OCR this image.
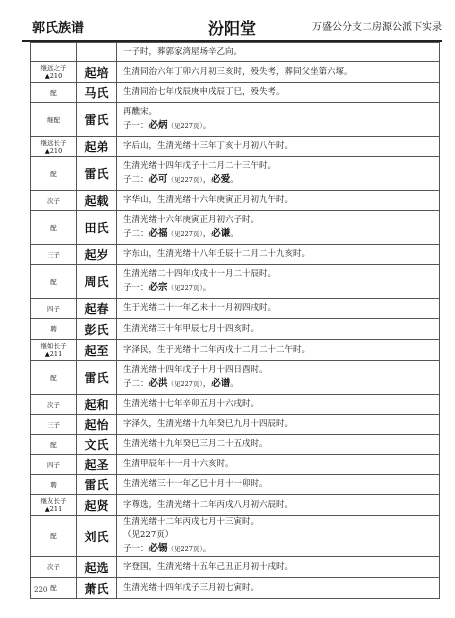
郭氏族谱	汾阳堂	万盛公分支二房源公派下实录

		一子时，葬郭家湾屋场辛乙向。

继远之子
▲210	起培	生清同治六年丁卯六月初三亥时，殁失考，葬同父坐第六塚。

配	马氏	生清同治七年戊辰庚申戌辰丁巳，殁失考。

继配	雷氏	再醮宋。
子一：必炳（见227页）。

继远长子
▲210	起弟	字后山，生清光绪十三年丁亥十月初八午时。

配	雷氏	生清光绪十四年戊子十二月二十三午时。
子二：必可（见227页），必爱。

次子	起载	字华山，生清光绪十六年庚寅正月初九午时。

配	田氏	生清光绪十六年庚寅正月初六子时。
子二：必福（见227页），必谦。

三子	起岁	字东山，生清光绪十八年壬辰十二月二十九亥时。

配	周氏	生清光绪二十四年戊戌十一月二十辰时。
子一：必宗（见227页）。

四子	起春	生于光绪二十一年乙未十一月初四戌时。

聘	彭氏	生清光绪三十年甲辰七月十四亥时。

继如长子
▲211	起至	字泽民，生于光绪十二年丙戌十二月二十二午时。

配	雷氏	生清光绪十四年戊子十月十四日酉时。
子二：必洪（见227页），必谱。

次子	起和	生清光绪十七年辛卯五月十六戌时。

三子	起怡	字泽久，生清光绪十九年癸巳九月十四辰时。

配	文氏	生清光绪十九年癸巳三月二十五戌时。

四子	起圣	生清甲辰年十一月十六亥时。

聘	雷氏	生清光绪三十一年乙巳十月十一卯时。

继友长子
▲211	起贤	字尊选，生清光绪十二年丙戌八月初六辰时。

配	刘氏	生清光绪十二年丙戌七月十三寅时。
（见227页）
子一：必锡（见227页）。

次子	起选	字登国，生清光绪十五年己丑正月初十戌时。

配	萧氏	生清光绪十四年戊子三月初七寅时。
220
